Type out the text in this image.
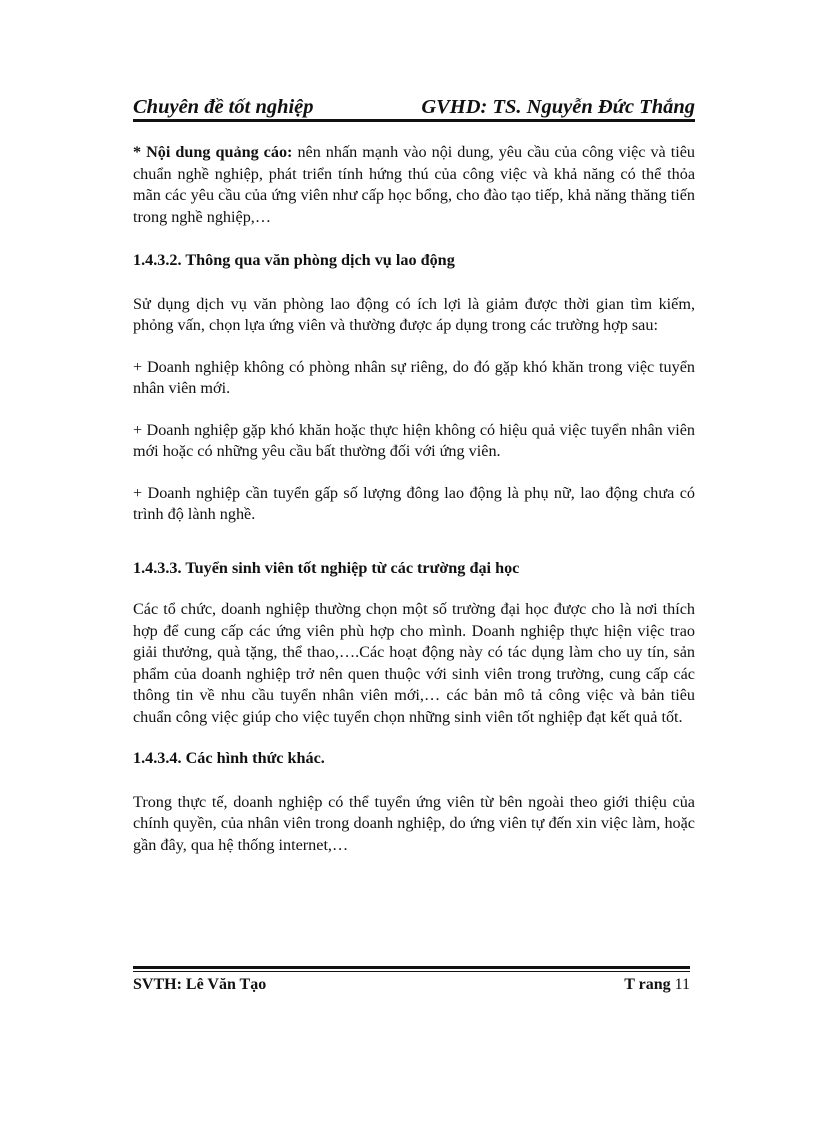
Chuyên đề tốt nghiệp	GVHD: TS. Nguyễn Đức Thắng

* Nội dung quảng cáo: nên nhấn mạnh vào nội dung, yêu cầu của công việc và tiêu chuẩn nghề nghiệp, phát triển tính hứng thú của công việc và khả năng có thể thỏa mãn các yêu cầu của ứng viên như cấp học bổng, cho đào tạo tiếp, khả năng thăng tiến trong nghề nghiệp,…

1.4.3.2. Thông qua văn phòng dịch vụ lao động

Sử dụng dịch vụ văn phòng lao động có ích lợi là giảm được thời gian tìm kiếm, phỏng vấn, chọn lựa ứng viên và thường được áp dụng trong các trường hợp sau:

+ Doanh nghiệp không có phòng nhân sự riêng, do đó gặp khó khăn trong việc tuyển nhân viên mới.

+ Doanh nghiệp gặp khó khăn hoặc thực hiện không có hiệu quả việc tuyển nhân viên mới hoặc có những yêu cầu bất thường đối với ứng viên.

+ Doanh nghiệp cần tuyển gấp số lượng đông lao động là phụ nữ, lao động chưa có trình độ lành nghề.

1.4.3.3. Tuyển sinh viên tốt nghiệp từ các trường đại học

Các tổ chức, doanh nghiệp thường chọn một số trường đại học được cho là nơi thích hợp để cung cấp các ứng viên phù hợp cho mình. Doanh nghiệp thực hiện việc trao giải thưởng, quà tặng, thể thao,….Các hoạt động này có tác dụng làm cho uy tín, sản phẩm của doanh nghiệp trở nên quen thuộc với sinh viên trong trường, cung cấp các thông tin về nhu cầu tuyển nhân viên mới,… các bản mô tả công việc và bản tiêu chuẩn công việc giúp cho việc tuyển chọn những sinh viên tốt nghiệp đạt kết quả tốt.

1.4.3.4. Các hình thức khác.

Trong thực tế, doanh nghiệp có thể tuyển ứng viên từ bên ngoài theo giới thiệu của chính quyền, của nhân viên trong doanh nghiệp, do ứng viên tự đến xin việc làm, hoặc gần đây, qua hệ thống internet,…

SVTH: Lê Văn Tạo	T rang 11
